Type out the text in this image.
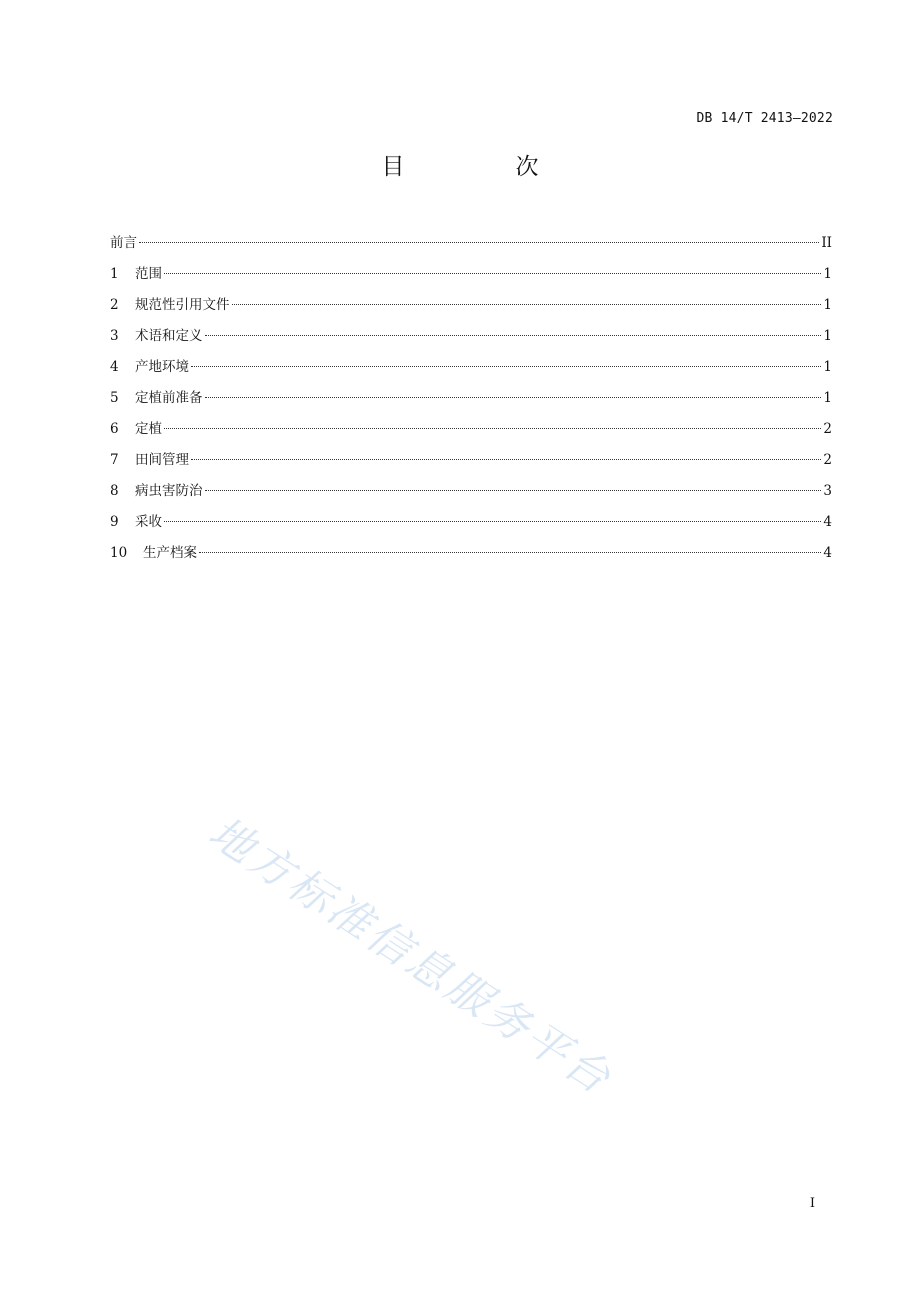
DB 14/T 2413—2022
目　次
前言	II
1	范围	1
2	规范性引用文件	1
3	术语和定义	1
4	产地环境	1
5	定植前准备	1
6	定植	2
7	田间管理	2
8	病虫害防治	3
9	采收	4
10	生产档案	4
地方标准信息服务平台
I
